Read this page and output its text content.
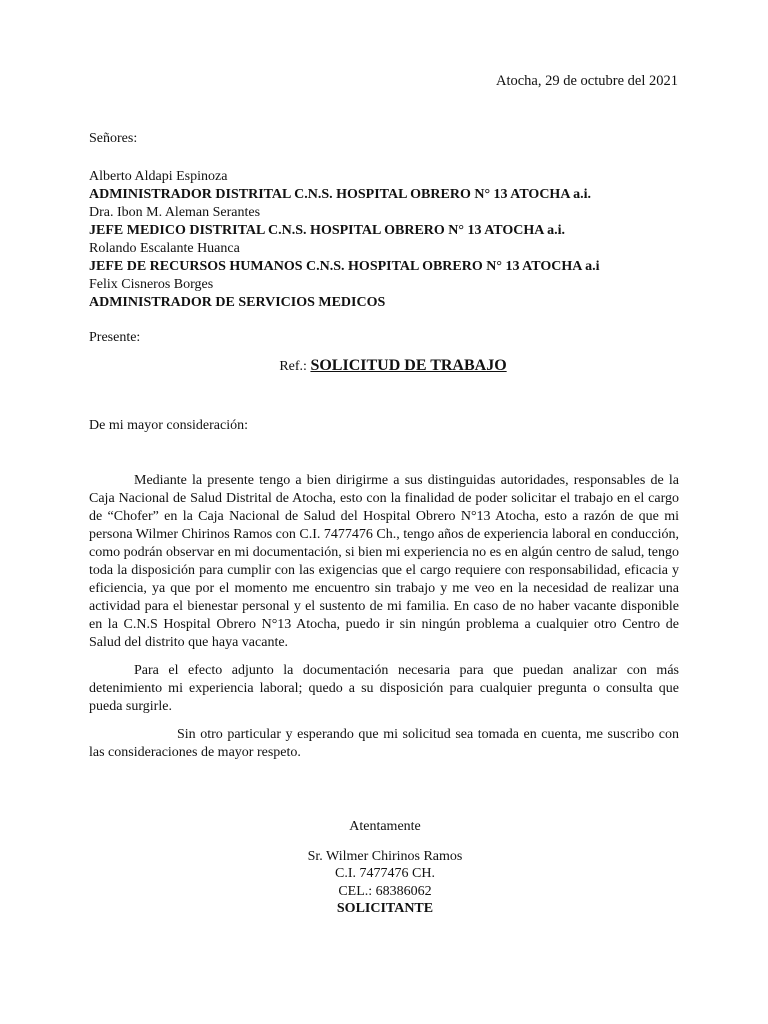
Atocha, 29 de octubre del 2021
Señores:
Alberto Aldapi Espinoza
ADMINISTRADOR DISTRITAL C.N.S. HOSPITAL OBRERO N° 13 ATOCHA a.i.
Dra. Ibon M. Aleman Serantes
JEFE MEDICO DISTRITAL C.N.S. HOSPITAL OBRERO N° 13 ATOCHA a.i.
Rolando Escalante Huanca
JEFE DE RECURSOS HUMANOS C.N.S. HOSPITAL OBRERO N° 13 ATOCHA a.i
Felix Cisneros Borges
ADMINISTRADOR DE SERVICIOS MEDICOS
Presente:
Ref.: SOLICITUD DE TRABAJO
De mi mayor consideración:

Mediante la presente tengo a bien dirigirme a sus distinguidas autoridades, responsables de la Caja Nacional de Salud Distrital de Atocha, esto con la finalidad de poder solicitar el trabajo en el cargo de “Chofer” en la Caja Nacional de Salud del Hospital Obrero N°13 Atocha, esto a razón de que mi persona Wilmer Chirinos Ramos con C.I. 7477476 Ch., tengo años de experiencia laboral en conducción, como podrán observar en mi documentación, si bien mi experiencia no es en algún centro de salud, tengo toda la disposición para cumplir con las exigencias que el cargo requiere con responsabilidad, eficacia y eficiencia, ya que por el momento me encuentro sin trabajo y me veo en la necesidad de realizar una actividad para el bienestar personal y el sustento de mi familia. En caso de no haber vacante disponible en la C.N.S Hospital Obrero N°13 Atocha, puedo ir sin ningún problema a cualquier otro Centro de Salud del distrito que haya vacante.

Para el efecto adjunto la documentación necesaria para que puedan analizar con más detenimiento mi experiencia laboral; quedo a su disposición para cualquier pregunta o consulta que pueda surgirle.

Sin otro particular y esperando que mi solicitud sea tomada en cuenta, me suscribo con las consideraciones de mayor respeto.

Atentamente
Sr. Wilmer Chirinos Ramos
C.I. 7477476 CH.
CEL.: 68386062
SOLICITANTE
